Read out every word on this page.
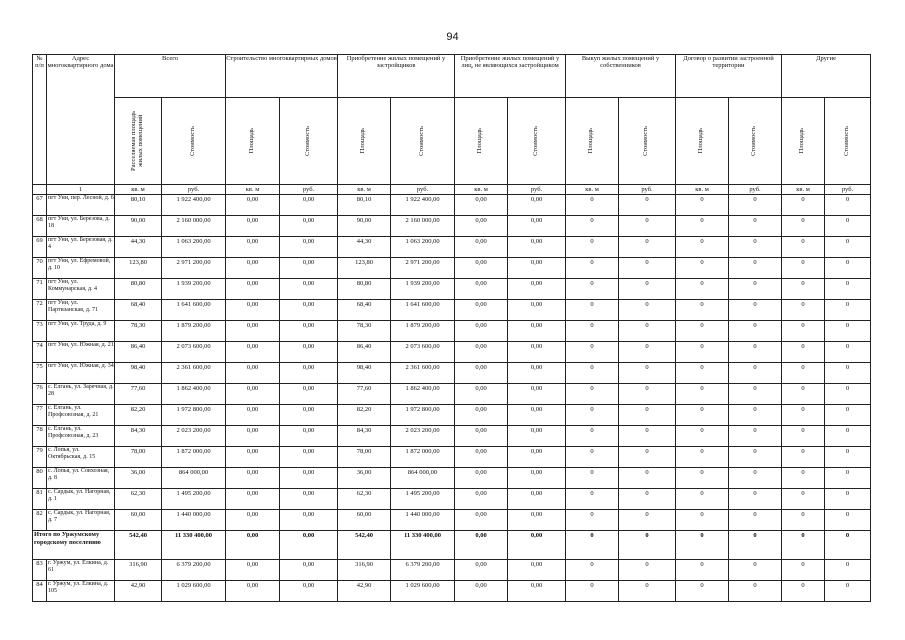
94
№ п/п	Адрес многоквартирного дома	Всего		Строительство многоквартирных домов		Приобретение жилых помещений у застройщиков		Приобретение жилых помещений у лиц, не являющихся застройщиком		Выкуп жилых помещений у собственников		Договор о развитии застроенной территории		Другие	

		Расселяемая площадь жилых помещений	Стоимость	Площадь	Стоимость	Площадь	Стоимость	Площадь	Стоимость	Площадь	Стоимость	Площадь	Стоимость	Площадь	Стоимость

	1	кв. м	руб.	кв. м	руб.	кв. м	руб.	кв. м	руб.	кв. м	руб.	кв. м	руб.	кв. м	руб.
67	пгт Уни, пер. Лесной, д. 6	80,10	1 922 400,00	0,00	0,00	80,10	1 922 400,00	0,00	0,00	0	0	0	0	0	0
68	пгт Уни, ул. Березова, д. 18	90,00	2 160 000,00	0,00	0,00	90,00	2 160 000,00	0,00	0,00	0	0	0	0	0	0
69	пгт Уни, ул. Березовая, д. 4	44,30	1 063 200,00	0,00	0,00	44,30	1 063 200,00	0,00	0,00	0	0	0	0	0	0
70	пгт Уни, ул. Ефремовой, д. 10	123,80	2 971 200,00	0,00	0,00	123,80	2 971 200,00	0,00	0,00	0	0	0	0	0	0
71	пгт Уни, ул. Коммунарская, д. 4	80,80	1 939 200,00	0,00	0,00	80,80	1 939 200,00	0,00	0,00	0	0	0	0	0	0
72	пгт Уни, ул. Партизанская, д. 71	68,40	1 641 600,00	0,00	0,00	68,40	1 641 600,00	0,00	0,00	0	0	0	0	0	0
73	пгт Уни, ул. Труда, д. 9	78,30	1 879 200,00	0,00	0,00	78,30	1 879 200,00	0,00	0,00	0	0	0	0	0	0
74	пгт Уни, ул. Южная, д. 21	86,40	2 073 600,00	0,00	0,00	86,40	2 073 600,00	0,00	0,00	0	0	0	0	0	0
75	пгт Уни, ул. Южная, д. 34	98,40	2 361 600,00	0,00	0,00	98,40	2 361 600,00	0,00	0,00	0	0	0	0	0	0
76	с. Елгань, ул. Заречная, д. 28	77,60	1 862 400,00	0,00	0,00	77,60	1 862 400,00	0,00	0,00	0	0	0	0	0	0
77	с. Елгань, ул. Профсоюзная, д. 21	82,20	1 972 800,00	0,00	0,00	82,20	1 972 800,00	0,00	0,00	0	0	0	0	0	0
78	с. Елгань, ул. Профсоюзная, д. 23	84,30	2 023 200,00	0,00	0,00	84,30	2 023 200,00	0,00	0,00	0	0	0	0	0	0
79	с. Лопья, ул. Октябрьская, д. 15	78,00	1 872 000,00	0,00	0,00	78,00	1 872 000,00	0,00	0,00	0	0	0	0	0	0
80	с. Лопья, ул. Совхозная, д. 8	36,00	864 000,00	0,00	0,00	36,00	864 000,00	0,00	0,00	0	0	0	0	0	0
81	с. Сардык, ул. Нагорная, д. 1	62,30	1 495 200,00	0,00	0,00	62,30	1 495 200,00	0,00	0,00	0	0	0	0	0	0
82	с. Сардык, ул. Нагорная, д. 7	60,00	1 440 000,00	0,00	0,00	60,00	1 440 000,00	0,00	0,00	0	0	0	0	0	0
Итого по Уржумскому городскому поселению		542,40	11 330 400,00	0,00	0,00	542,40	11 330 400,00	0,00	0,00	0	0	0	0	0	0
83	г. Уржум, ул. Елкина, д. 61	316,90	6 379 200,00	0,00	0,00	316,90	6 379 200,00	0,00	0,00	0	0	0	0	0	0
84	г. Уржум, ул. Елкина, д. 105	42,90	1 029 600,00	0,00	0,00	42,90	1 029 600,00	0,00	0,00	0	0	0	0	0	0
